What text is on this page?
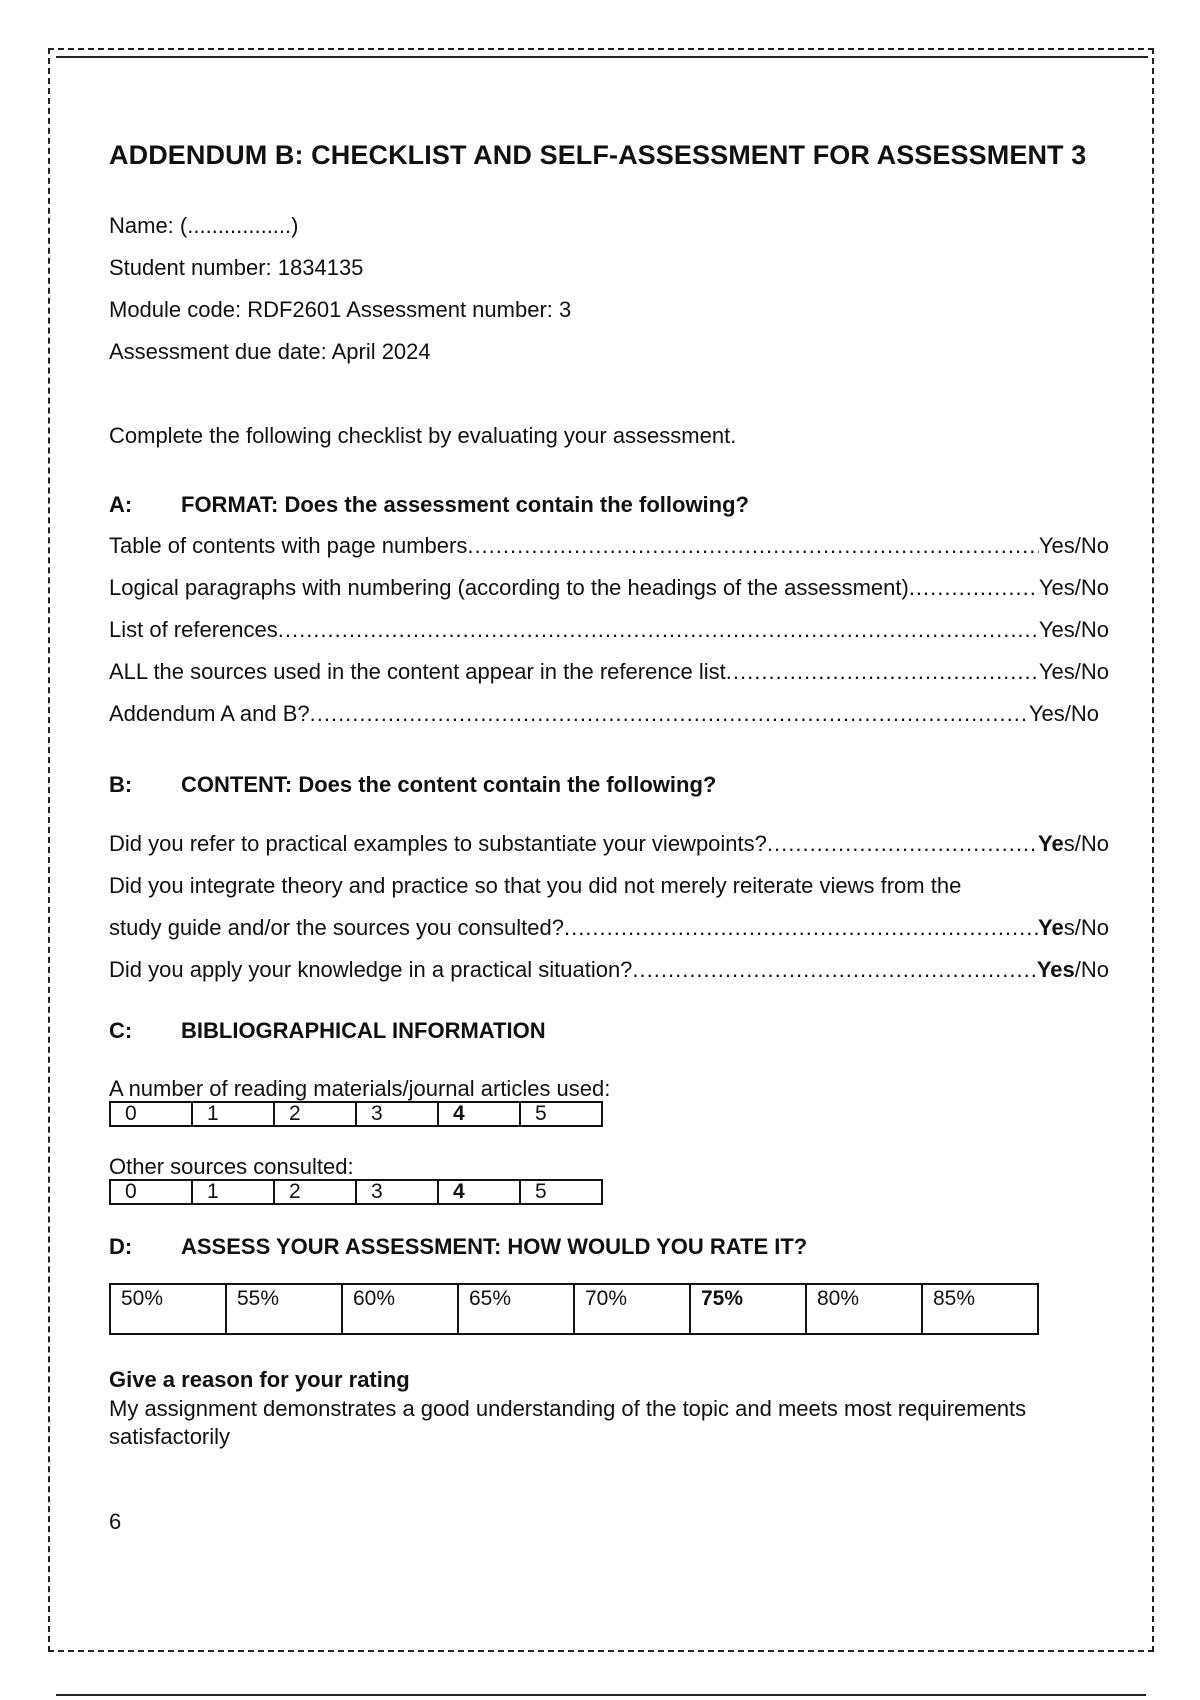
ADDENDUM B: CHECKLIST AND SELF-ASSESSMENT FOR ASSESSMENT 3
Name: (.................)
Student number: 1834135
Module code: RDF2601 Assessment number: 3
Assessment due date: April 2024
Complete the following checklist by evaluating your assessment.
A:	FORMAT: Does the assessment contain the following?
Table of contents with page numbers .....	Yes/No
Logical paragraphs with numbering (according to the headings of the assessment) .....	Yes/No
List of references .....	Yes/No
ALL the sources used in the content appear in the reference list .....	Yes/No
Addendum A and B? .....	Yes/No
B:	CONTENT: Does the content contain the following?
Did you refer to practical examples to substantiate your viewpoints? .....	Yes/No
Did you integrate theory and practice so that you did not merely reiterate views from the
study guide and/or the sources you consulted? .....	Yes/No
Did you apply your knowledge in a practical situation? .....	Yes/No
C:	BIBLIOGRAPHICAL INFORMATION
A number of reading materials/journal articles used:
0	1	2	3	4	5
Other sources consulted:
0	1	2	3	4	5
D:	ASSESS YOUR ASSESSMENT: HOW WOULD YOU RATE IT?
50%	55%	60%	65%	70%	75%	80%	85%
Give a reason for your rating
My assignment demonstrates a good understanding of the topic and meets most requirements satisfactorily
6
